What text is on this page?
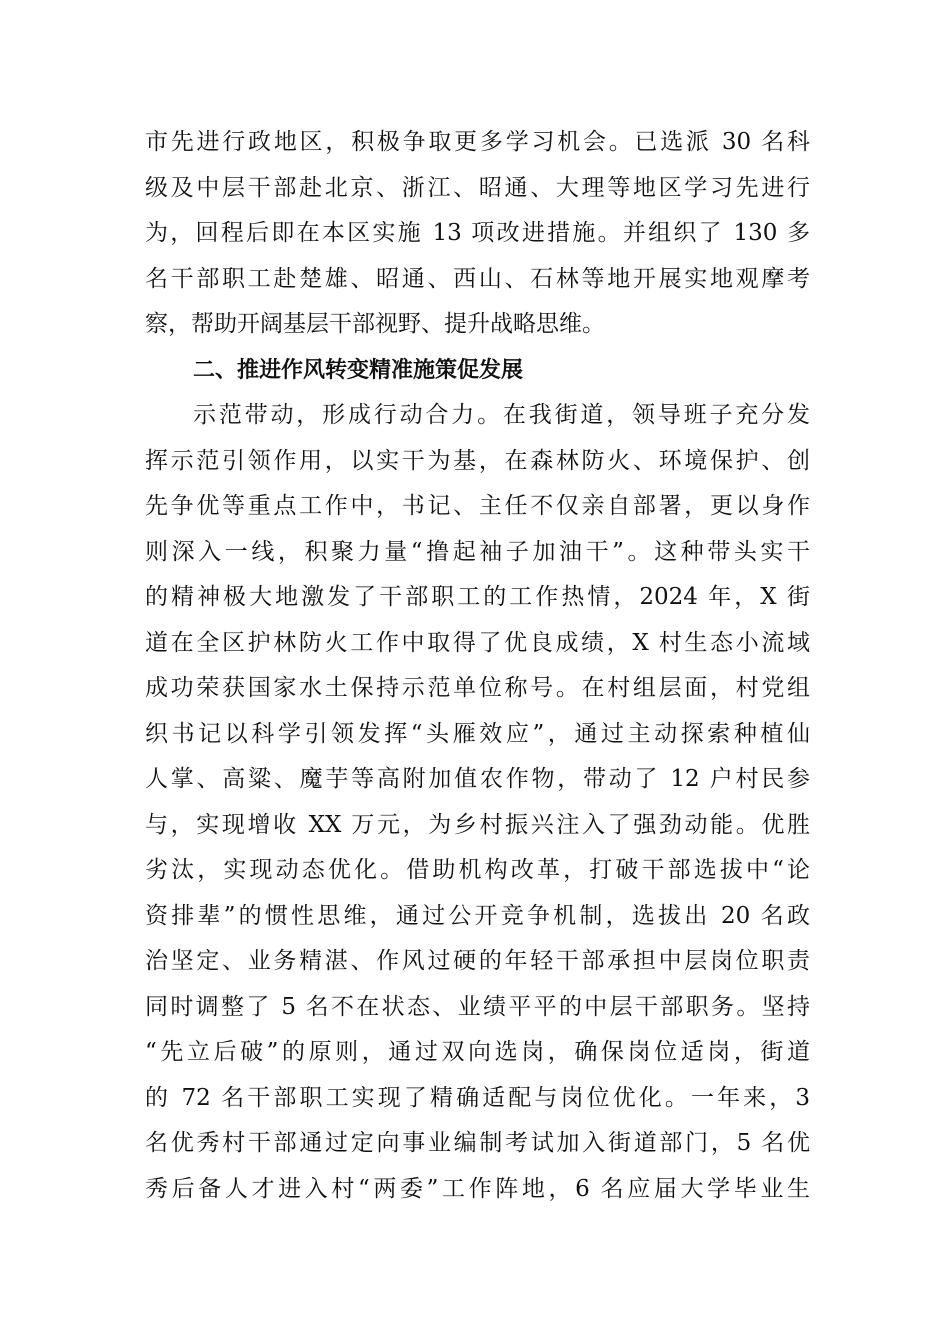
市先进行政地区，积极争取更多学习机会。已选派 30 名科
级及中层干部赴北京、浙江、昭通、大理等地区学习先进行
为，回程后即在本区实施 13 项改进措施。并组织了 130 多
名干部职工赴楚雄、昭通、西山、石林等地开展实地观摩考
察，帮助开阔基层干部视野、提升战略思维。
二、推进作风转变精准施策促发展
示范带动，形成行动合力。在我街道，领导班子充分发
挥示范引领作用，以实干为基，在森林防火、环境保护、创
先争优等重点工作中，书记、主任不仅亲自部署，更以身作
则深入一线，积聚力量“撸起袖子加油干”。这种带头实干
的精神极大地激发了干部职工的工作热情，2024 年，X 街
道在全区护林防火工作中取得了优良成绩，X 村生态小流域
成功荣获国家水土保持示范单位称号。在村组层面，村党组
织书记以科学引领发挥“头雁效应”，通过主动探索种植仙
人掌、高粱、魔芋等高附加值农作物，带动了 12 户村民参
与，实现增收 XX 万元，为乡村振兴注入了强劲动能。优胜
劣汰，实现动态优化。借助机构改革，打破干部选拔中“论
资排辈”的惯性思维，通过公开竞争机制，选拔出 20 名政
治坚定、业务精湛、作风过硬的年轻干部承担中层岗位职责
同时调整了 5 名不在状态、业绩平平的中层干部职务。坚持
“先立后破”的原则，通过双向选岗，确保岗位适岗，街道
的 72 名干部职工实现了精确适配与岗位优化。一年来，3
名优秀村干部通过定向事业编制考试加入街道部门，5 名优
秀后备人才进入村“两委”工作阵地，6 名应届大学毕业生
